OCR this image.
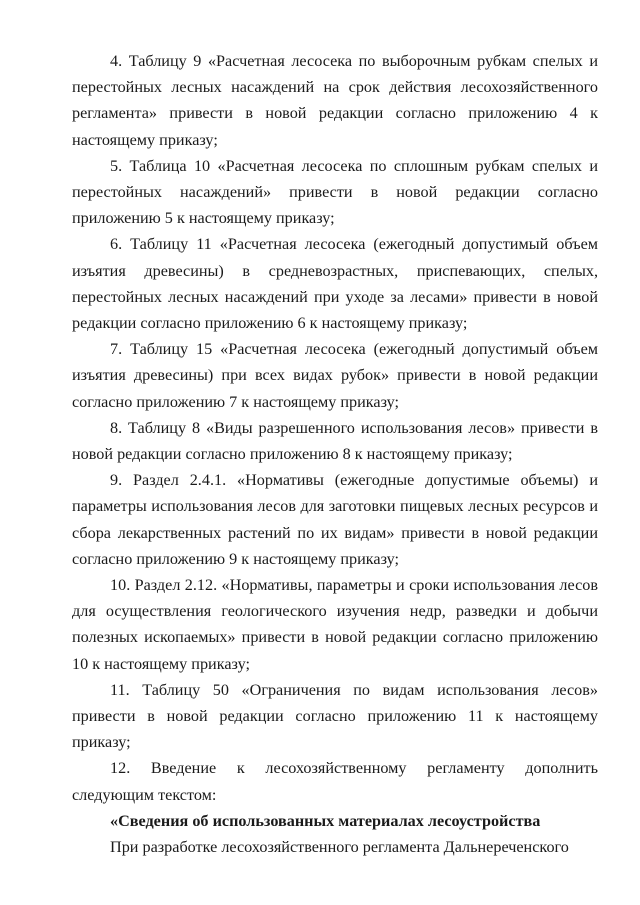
4. Таблицу 9 «Расчетная лесосека по выборочным рубкам спелых и перестойных лесных насаждений на срок действия лесохозяйственного регламента» привести в новой редакции согласно приложению 4 к настоящему приказу;

5. Таблица 10 «Расчетная лесосека по сплошным рубкам спелых и перестойных насаждений» привести в новой редакции согласно приложению 5 к настоящему приказу;

6. Таблицу 11 «Расчетная лесосека (ежегодный допустимый объем изъятия древесины) в средневозрастных, приспевающих, спелых, перестойных лесных насаждений при уходе за лесами» привести в новой редакции согласно приложению 6 к настоящему приказу;

7. Таблицу 15 «Расчетная лесосека (ежегодный допустимый объем изъятия древесины) при всех видах рубок» привести в новой редакции согласно приложению 7 к настоящему приказу;

8. Таблицу 8 «Виды разрешенного использования лесов» привести в новой редакции согласно приложению 8 к настоящему приказу;

9. Раздел 2.4.1. «Нормативы (ежегодные допустимые объемы) и параметры использования лесов для заготовки пищевых лесных ресурсов и сбора лекарственных растений по их видам» привести в новой редакции согласно приложению 9 к настоящему приказу;

10. Раздел 2.12. «Нормативы, параметры и сроки использования лесов для осуществления геологического изучения недр, разведки и добычи полезных ископаемых» привести в новой редакции согласно приложению 10 к настоящему приказу;

11. Таблицу 50 «Ограничения по видам использования лесов» привести в новой редакции согласно приложению 11 к настоящему приказу;

12. Введение к лесохозяйственному регламенту дополнить следующим текстом:

«Сведения об использованных материалах лесоустройства

При разработке лесохозяйственного регламента Дальнереченского
